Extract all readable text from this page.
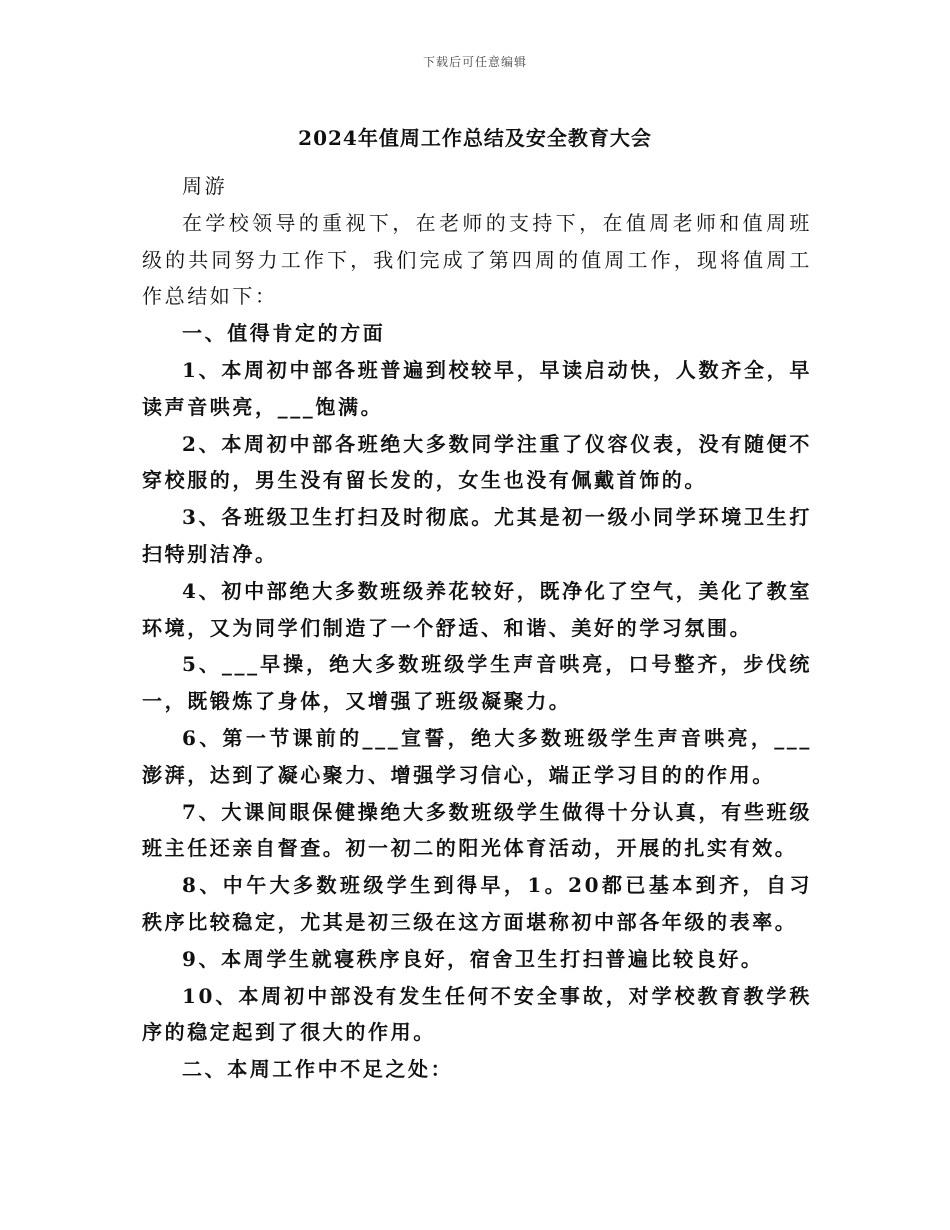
下载后可任意编辑
2024年值周工作总结及安全教育大会

周游

在学校领导的重视下，在老师的支持下，在值周老师和值周班级的共同努力工作下，我们完成了第四周的值周工作，现将值周工作总结如下：

一、值得肯定的方面

1、本周初中部各班普遍到校较早，早读启动快，人数齐全，早读声音哄亮，___饱满。

2、本周初中部各班绝大多数同学注重了仪容仪表，没有随便不穿校服的，男生没有留长发的，女生也没有佩戴首饰的。

3、各班级卫生打扫及时彻底。尤其是初一级小同学环境卫生打扫特别洁净。

4、初中部绝大多数班级养花较好，既净化了空气，美化了教室环境，又为同学们制造了一个舒适、和谐、美好的学习氛围。

5、___早操，绝大多数班级学生声音哄亮，口号整齐，步伐统一，既锻炼了身体，又增强了班级凝聚力。

6、第一节课前的___宣誓，绝大多数班级学生声音哄亮，___澎湃，达到了凝心聚力、增强学习信心，端正学习目的的作用。

7、大课间眼保健操绝大多数班级学生做得十分认真，有些班级班主任还亲自督查。初一初二的阳光体育活动，开展的扎实有效。

8、中午大多数班级学生到得早，1。20都已基本到齐，自习秩序比较稳定，尤其是初三级在这方面堪称初中部各年级的表率。

9、本周学生就寝秩序良好，宿舍卫生打扫普遍比较良好。

10、本周初中部没有发生任何不安全事故，对学校教育教学秩序的稳定起到了很大的作用。

二、本周工作中不足之处：
